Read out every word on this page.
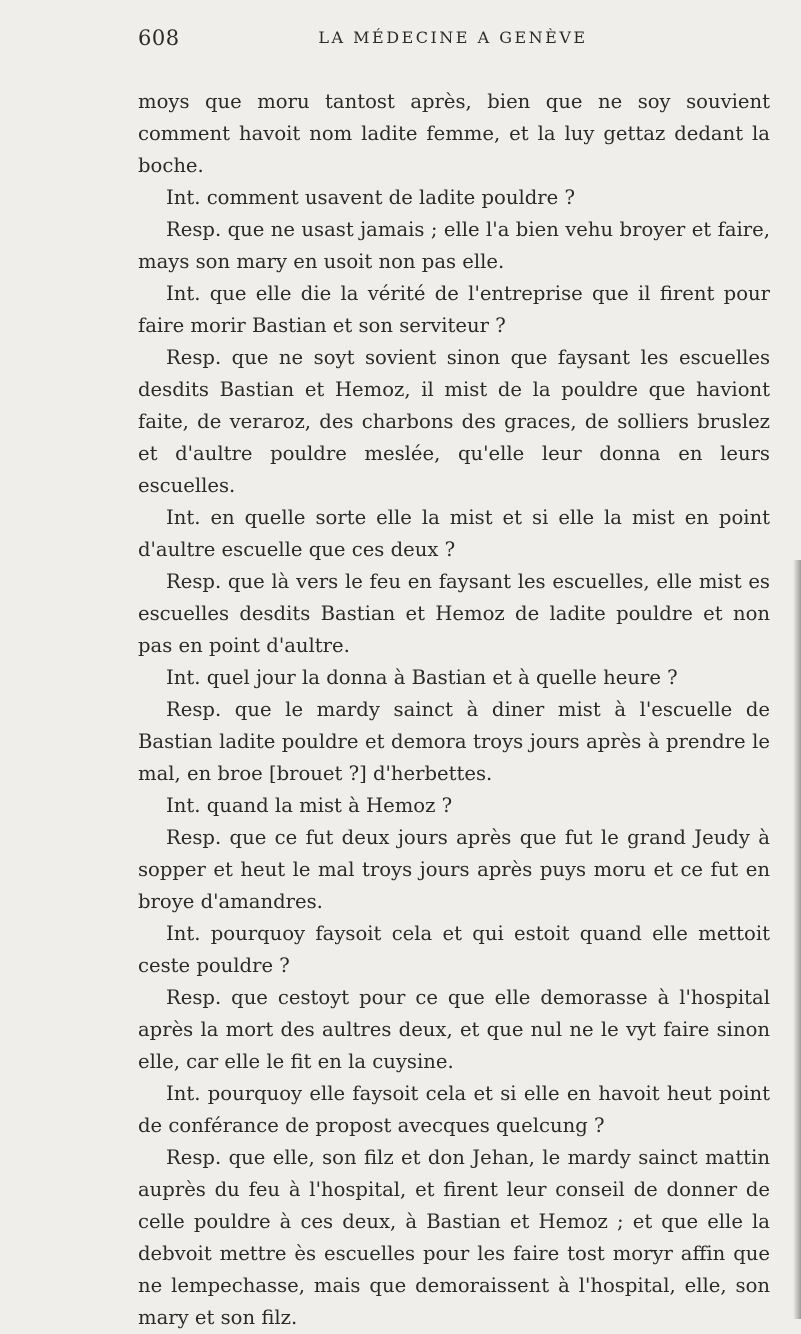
608	LA MÉDECINE A GENÈVE

moys que moru tantost après, bien que ne soy souvient comment havoit nom ladite femme, et la luy gettaz dedant la boche.

Int. comment usavent de ladite pouldre ?

Resp. que ne usast jamais ; elle l'a bien vehu broyer et faire, mays son mary en usoit non pas elle.

Int. que elle die la vérité de l'entreprise que il firent pour faire morir Bastian et son serviteur ?

Resp. que ne soyt sovient sinon que faysant les escuelles desdits Bastian et Hemoz, il mist de la pouldre que haviont faite, de veraroz, des charbons des graces, de solliers bruslez et d'aultre pouldre meslée, qu'elle leur donna en leurs escuelles.

Int. en quelle sorte elle la mist et si elle la mist en point d'aultre escuelle que ces deux ?

Resp. que là vers le feu en faysant les escuelles, elle mist es escuelles desdits Bastian et Hemoz de ladite pouldre et non pas en point d'aultre.

Int. quel jour la donna à Bastian et à quelle heure ?

Resp. que le mardy sainct à diner mist à l'escuelle de Bastian ladite pouldre et demora troys jours après à prendre le mal, en broe [brouet ?] d'herbettes.

Int. quand la mist à Hemoz ?

Resp. que ce fut deux jours après que fut le grand Jeudy à sopper et heut le mal troys jours après puys moru et ce fut en broye d'amandres.

Int. pourquoy faysoit cela et qui estoit quand elle mettoit ceste pouldre ?

Resp. que cestoyt pour ce que elle demorasse à l'hospital après la mort des aultres deux, et que nul ne le vyt faire sinon elle, car elle le fit en la cuysine.

Int. pourquoy elle faysoit cela et si elle en havoit heut point de conférance de propost avecques quelcung ?

Resp. que elle, son filz et don Jehan, le mardy sainct mattin auprès du feu à l'hospital, et firent leur conseil de donner de celle pouldre à ces deux, à Bastian et Hemoz ; et que elle la debvoit mettre ès escuelles pour les faire tost moryr affin que ne lempechasse, mais que demoraissent à l'hospital, elle, son mary et son filz.
